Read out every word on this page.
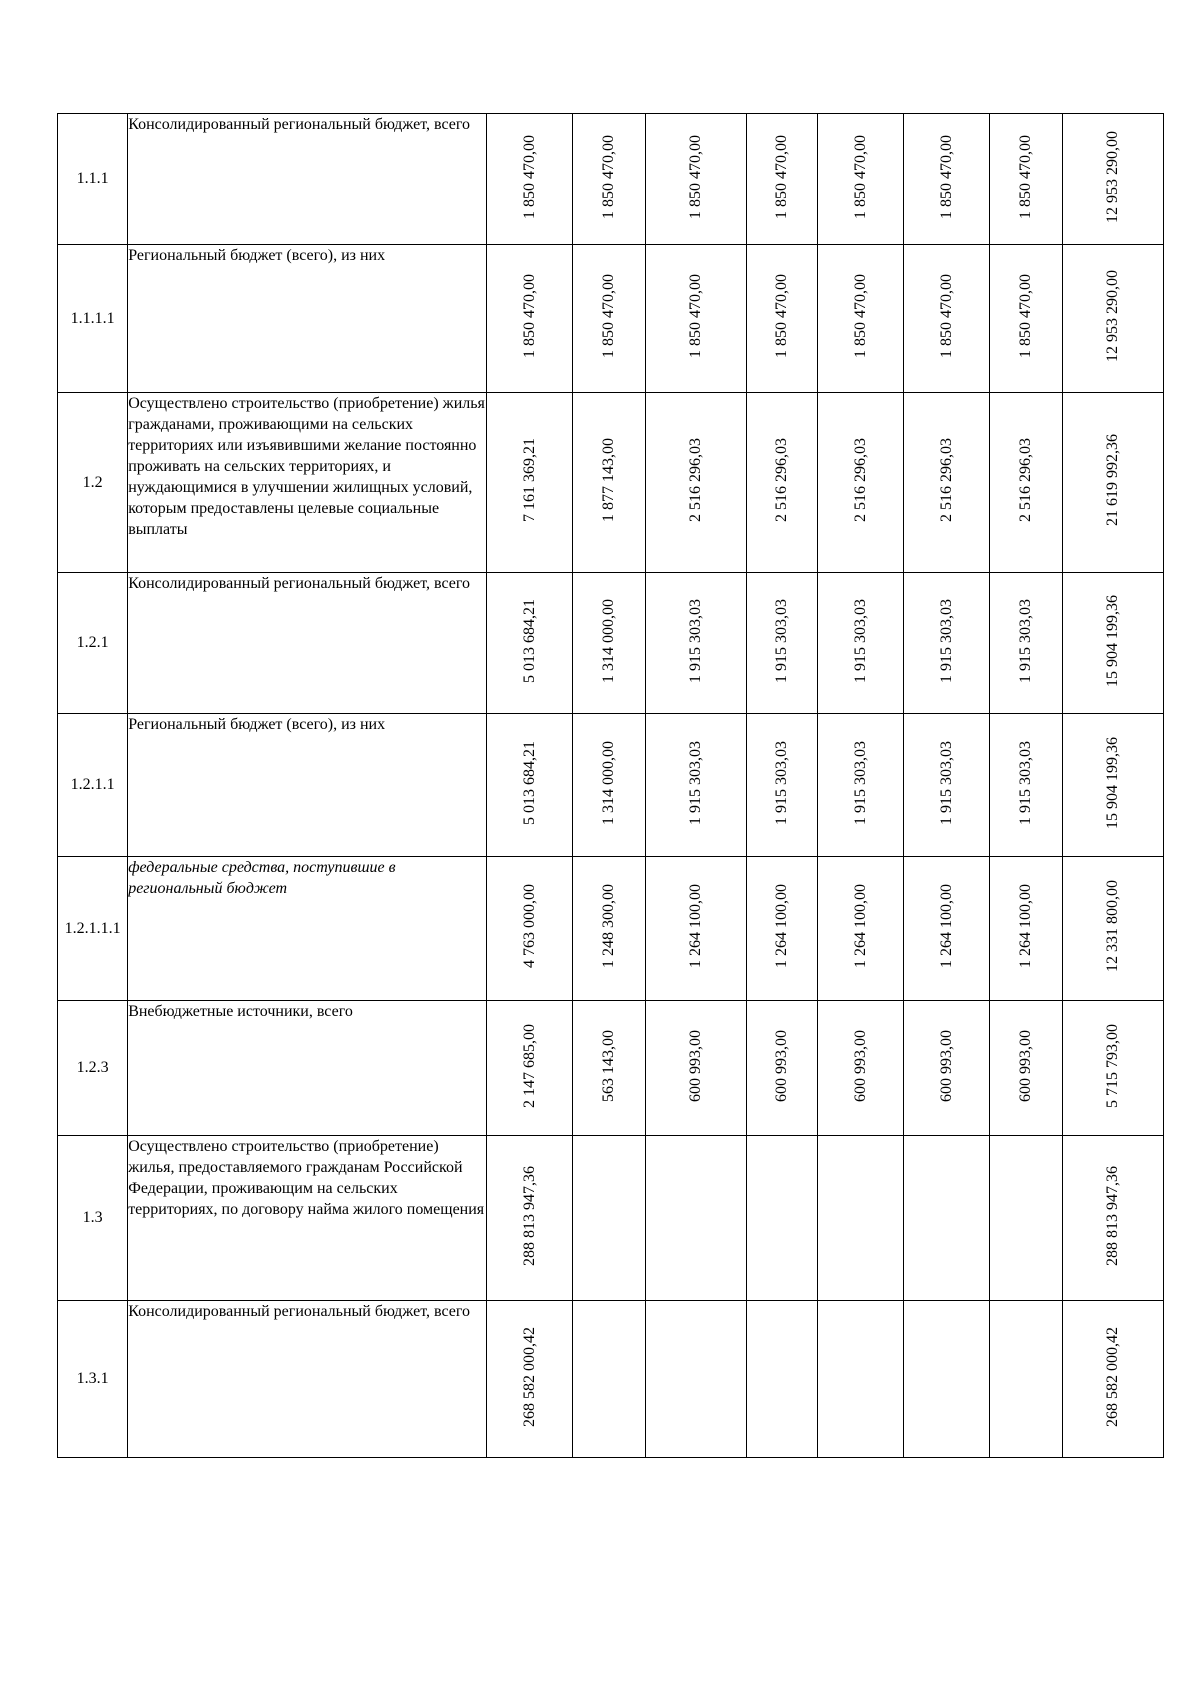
1.1.1	Консолидированный региональный бюджет, всего	1 850 470,00	1 850 470,00	1 850 470,00	1 850 470,00	1 850 470,00	1 850 470,00	1 850 470,00	12 953 290,00
1.1.1.1	Региональный бюджет (всего), из них	1 850 470,00	1 850 470,00	1 850 470,00	1 850 470,00	1 850 470,00	1 850 470,00	1 850 470,00	12 953 290,00
1.2	Осуществлено строительство (приобретение) жилья гражданами, проживающими на сельских территориях или изъявившими желание постоянно проживать на сельских территориях, и нуждающимися в улучшении жилищных условий, которым предоставлены целевые социальные выплаты	7 161 369,21	1 877 143,00	2 516 296,03	2 516 296,03	2 516 296,03	2 516 296,03	2 516 296,03	21 619 992,36
1.2.1	Консолидированный региональный бюджет, всего	5 013 684,21	1 314 000,00	1 915 303,03	1 915 303,03	1 915 303,03	1 915 303,03	1 915 303,03	15 904 199,36
1.2.1.1	Региональный бюджет (всего), из них	5 013 684,21	1 314 000,00	1 915 303,03	1 915 303,03	1 915 303,03	1 915 303,03	1 915 303,03	15 904 199,36
1.2.1.1.1	федеральные средства, поступившие в региональный бюджет	4 763 000,00	1 248 300,00	1 264 100,00	1 264 100,00	1 264 100,00	1 264 100,00	1 264 100,00	12 331 800,00
1.2.3	Внебюджетные источники, всего	2 147 685,00	563 143,00	600 993,00	600 993,00	600 993,00	600 993,00	600 993,00	5 715 793,00
1.3	Осуществлено строительство (приобретение) жилья, предоставляемого гражданам Российской Федерации, проживающим на сельских территориях, по договору найма жилого помещения	288 813 947,36							288 813 947,36
1.3.1	Консолидированный региональный бюджет, всего	268 582 000,42							268 582 000,42
